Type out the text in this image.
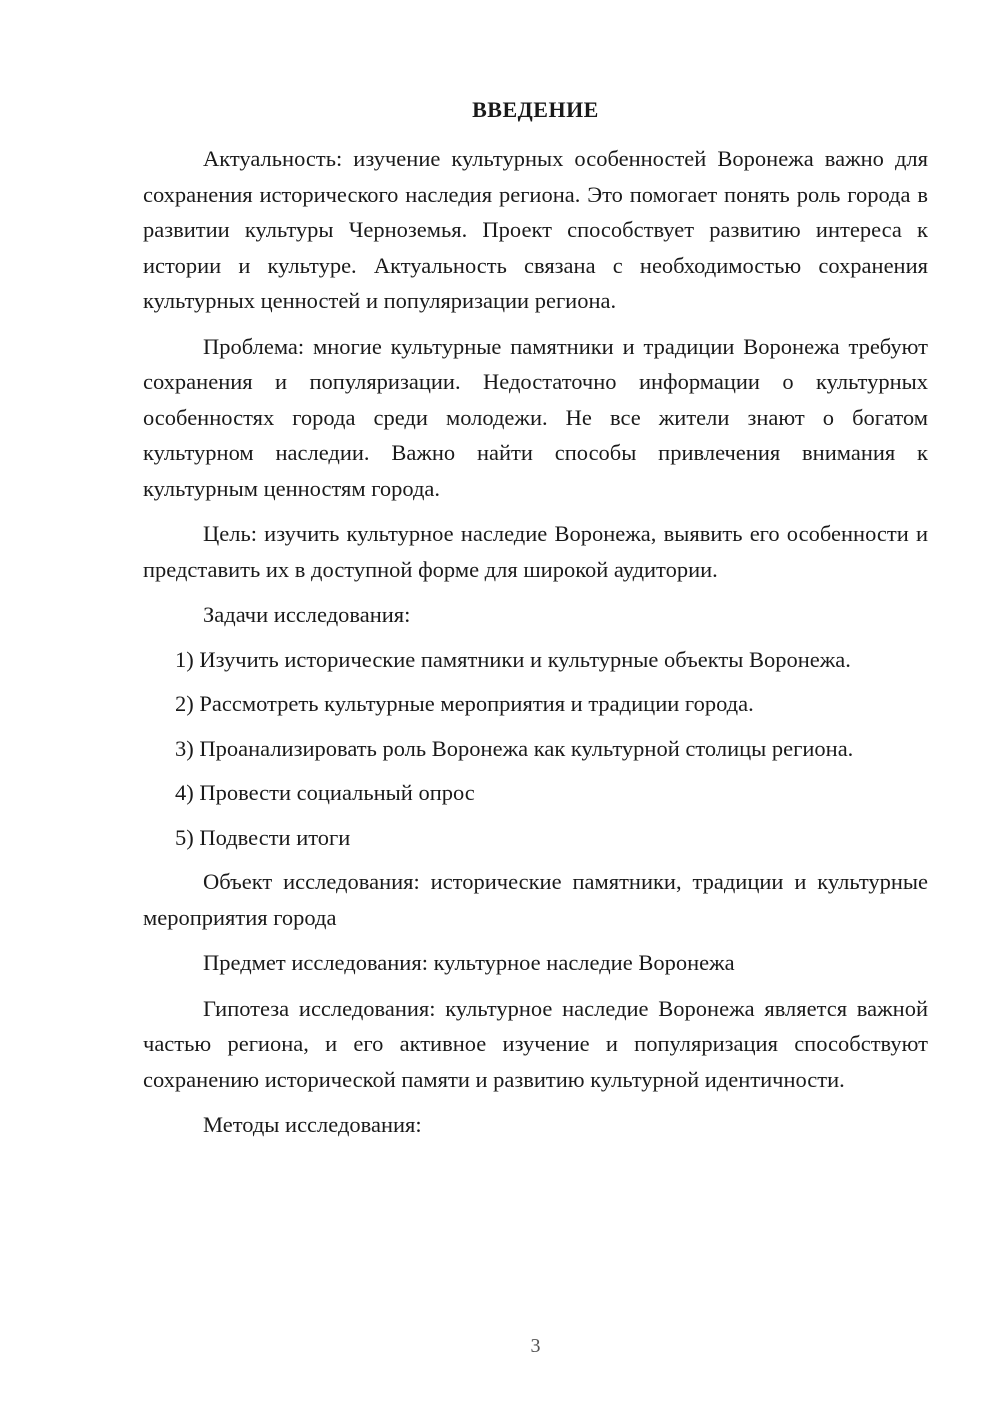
ВВЕДЕНИЕ

Актуальность: изучение культурных особенностей Воронежа важно для сохранения исторического наследия региона. Это помогает понять роль города в развитии культуры Черноземья. Проект способствует развитию интереса к истории и культуре. Актуальность связана с необходимостью сохранения культурных ценностей и популяризации региона.

Проблема: многие культурные памятники и традиции Воронежа требуют сохранения и популяризации. Недостаточно информации о культурных особенностях города среди молодежи. Не все жители знают о богатом культурном наследии. Важно найти способы привлечения внимания к культурным ценностям города.

Цель: изучить культурное наследие Воронежа, выявить его особенности и представить их в доступной форме для широкой аудитории.

Задачи исследования:

1) Изучить исторические памятники и культурные объекты Воронежа.

2) Рассмотреть культурные мероприятия и традиции города.

3) Проанализировать роль Воронежа как культурной столицы региона.

4) Провести социальный опрос

5) Подвести итоги

Объект исследования: исторические памятники, традиции и культурные мероприятия города

Предмет исследования: культурное наследие Воронежа

Гипотеза исследования: культурное наследие Воронежа является важной частью региона, и его активное изучение и популяризация способствуют сохранению исторической памяти и развитию культурной идентичности.

Методы исследования:

3
